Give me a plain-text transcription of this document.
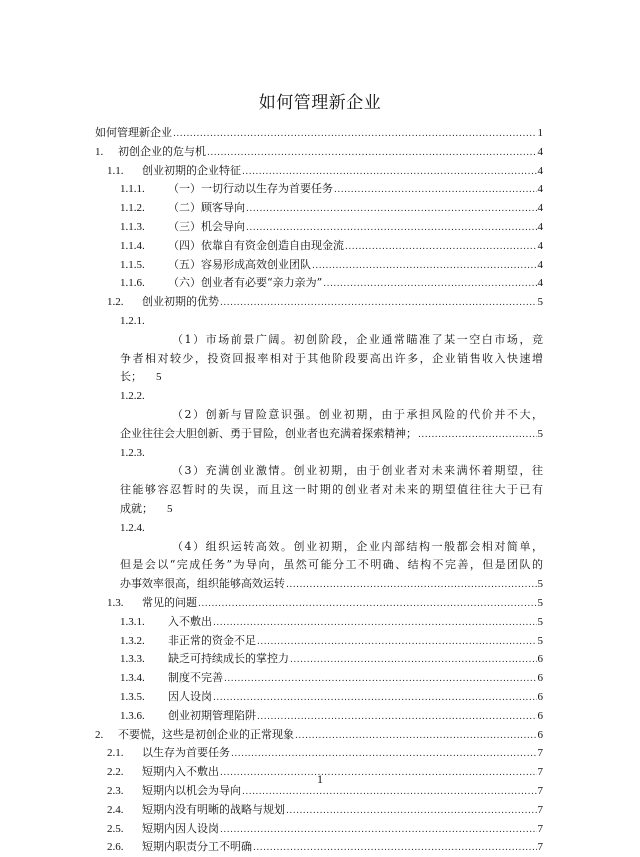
如何管理新企业
如何管理新企业 .....	1
1. 初创企业的危与机 .....	4
1.1. 创业初期的企业特征 .....	4
1.1.1. （一）一切行动以生存为首要任务 .....	4
1.1.2. （二）顾客导向 .....	4
1.1.3. （三）机会导向 .....	4
1.1.4. （四）依靠自有资金创造自由现金流 .....	4
1.1.5. （五）容易形成高效创业团队 .....	4
1.1.6. （六）创业者有必要“亲力亲为” .....	4
1.2. 创业初期的优势 .....	5
1.2.1.
（1）市场前景广阔。初创阶段，企业通常瞄准了某一空白市场，竞
争者相对较少，投资回报率相对于其他阶段要高出许多，企业销售收入快速增
长； 5
1.2.2.
（2）创新与冒险意识强。创业初期，由于承担风险的代价并不大，
企业往往会大胆创新、勇于冒险，创业者也充满着探索精神； .....	5
1.2.3.
（3）充满创业激情。创业初期，由于创业者对未来满怀着期望，往
往能够容忍暂时的失误，而且这一时期的创业者对未来的期望值往往大于已有
成就； 5
1.2.4.
（4）组织运转高效。创业初期，企业内部结构一般都会相对简单，
但是会以“完成任务”为导向，虽然可能分工不明确、结构不完善，但是团队的
办事效率很高，组织能够高效运转 .....	5
1.3. 常见的问题 .....	5
1.3.1. 入不敷出 .....	5
1.3.2. 非正常的资金不足 .....	5
1.3.3. 缺乏可持续成长的掌控力 .....	6
1.3.4. 制度不完善 .....	6
1.3.5. 因人设岗 .....	6
1.3.6. 创业初期管理陷阱 .....	6
2. 不要慌，这些是初创企业的正常现象 .....	6
2.1. 以生存为首要任务 .....	7
2.2. 短期内入不敷出 .....	7
2.3. 短期内以机会为导向 .....	7
2.4. 短期内没有明晰的战略与规划 .....	7
2.5. 短期内因人设岗 .....	7
2.6. 短期内职责分工不明确 .....	7
1
